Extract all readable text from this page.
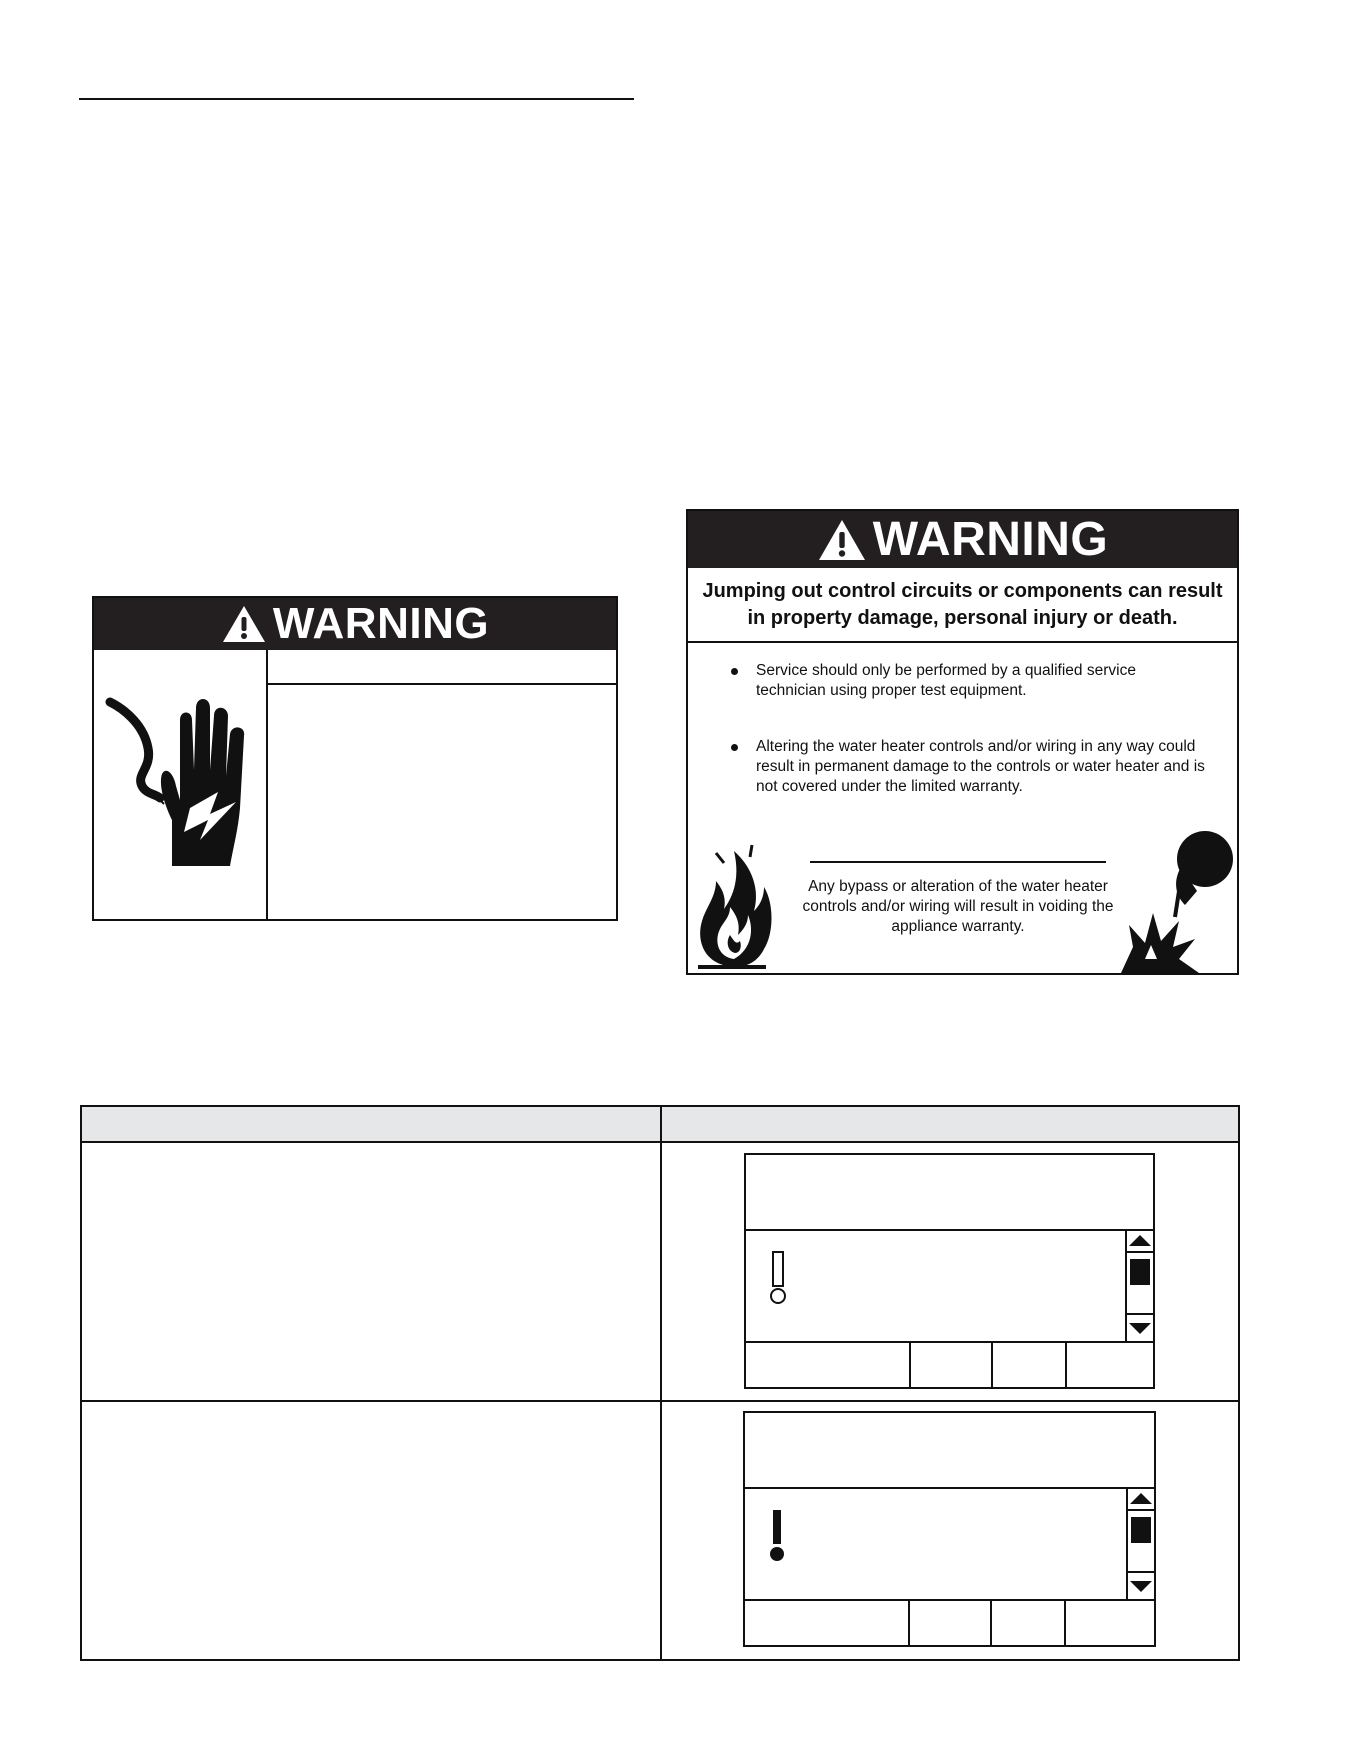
WARNING
WARNING
Jumping out control circuits or components can result in property damage, personal injury or death.
Service should only be performed by a qualified service technician using proper test equipment.
Altering the water heater controls and/or wiring in any way could result in permanent damage to the controls or water heater and is not covered under the limited warranty.
Any bypass or alteration of the water heater controls and/or wiring will result in voiding the appliance warranty.
